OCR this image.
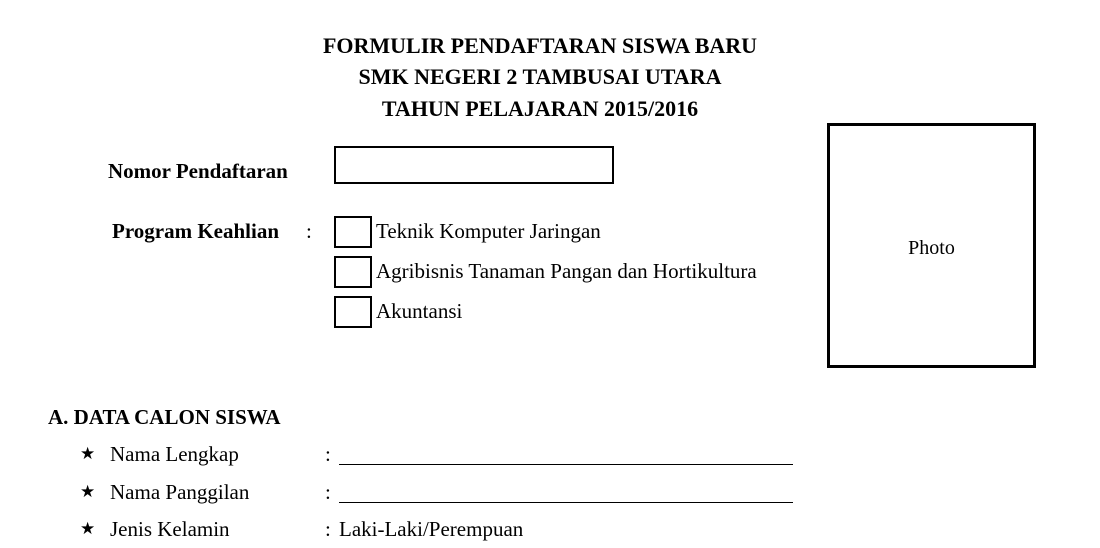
FORMULIR PENDAFTARAN SISWA BARU
SMK NEGERI 2 TAMBUSAI UTARA
TAHUN PELAJARAN 2015/2016
Nomor Pendaftaran
Program Keahlian :	Teknik Komputer Jaringan
Agribisnis Tanaman Pangan dan Hortikultura
Akuntansi
Photo
A. DATA CALON SISWA
★ Nama Lengkap	:
★ Nama Panggilan	:
★ Jenis Kelamin	: Laki-Laki/Perempuan
